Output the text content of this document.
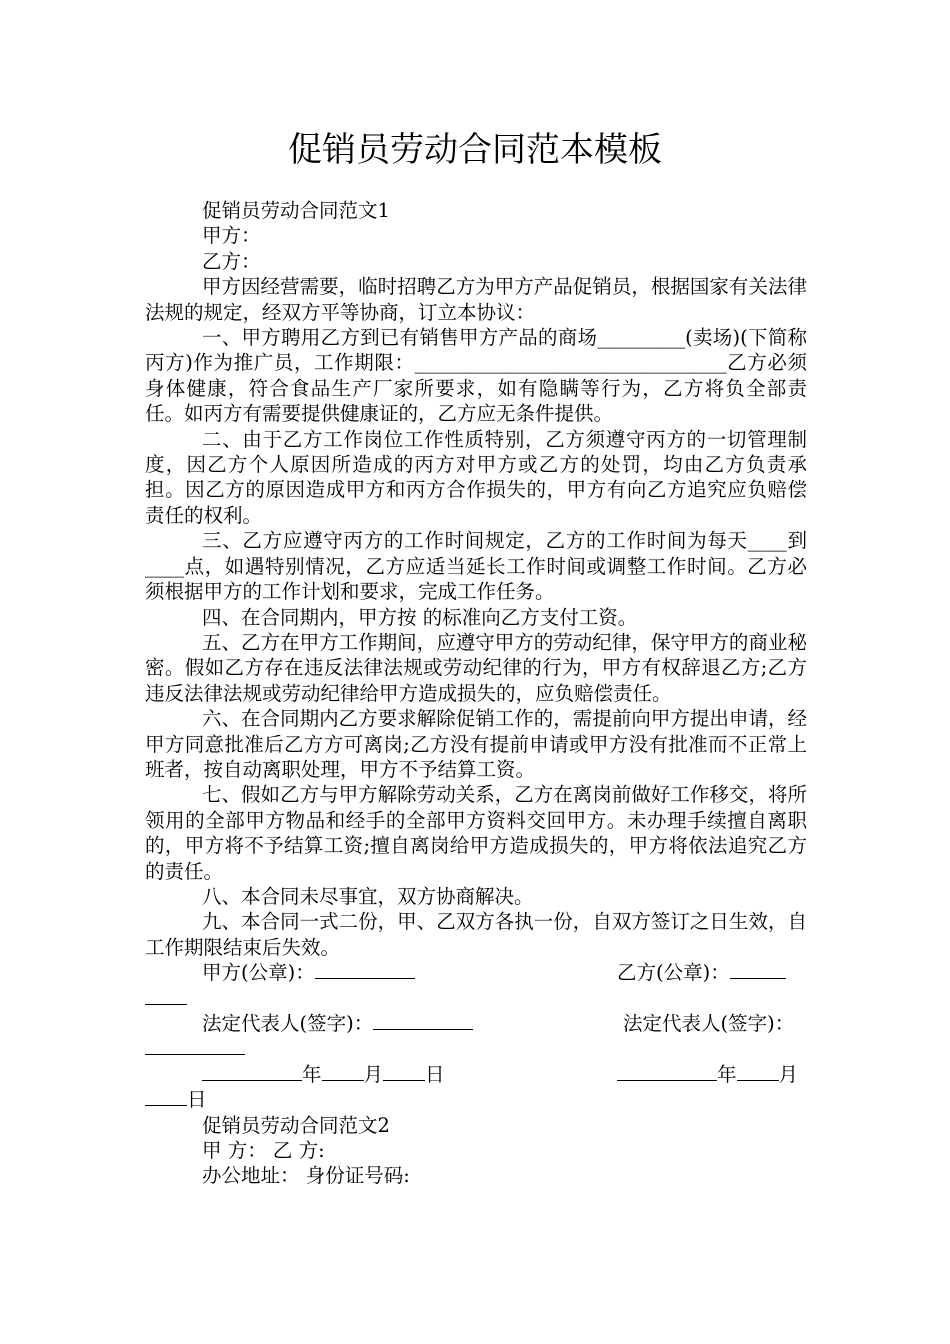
促销员劳动合同范本模板

促销员劳动合同范文1

甲方：

乙方：

甲方因经营需要，临时招聘乙方为甲方产品促销员，根据国家有关法律法规的规定，经双方平等协商，订立本协议：

一、甲方聘用乙方到已有销售甲方产品的商场_________(卖场)(下简称丙方)作为推广员，工作期限：________________________________乙方必须身体健康，符合食品生产厂家所要求，如有隐瞒等行为，乙方将负全部责任。如丙方有需要提供健康证的，乙方应无条件提供。

二、由于乙方工作岗位工作性质特别，乙方须遵守丙方的一切管理制度，因乙方个人原因所造成的丙方对甲方或乙方的处罚，均由乙方负责承担。因乙方的原因造成甲方和丙方合作损失的，甲方有向乙方追究应负赔偿责任的权利。

三、乙方应遵守丙方的工作时间规定，乙方的工作时间为每天____到____点，如遇特别情况，乙方应适当延长工作时间或调整工作时间。乙方必须根据甲方的工作计划和要求，完成工作任务。

四、在合同期内，甲方按 的标准向乙方支付工资。

五、乙方在甲方工作期间，应遵守甲方的劳动纪律，保守甲方的商业秘密。假如乙方存在违反法律法规或劳动纪律的行为，甲方有权辞退乙方;乙方违反法律法规或劳动纪律给甲方造成损失的，应负赔偿责任。

六、在合同期内乙方要求解除促销工作的，需提前向甲方提出申请，经甲方同意批准后乙方方可离岗;乙方没有提前申请或甲方没有批准而不正常上班者，按自动离职处理，甲方不予结算工资。

七、假如乙方与甲方解除劳动关系，乙方在离岗前做好工作移交，将所领用的全部甲方物品和经手的全部甲方资料交回甲方。未办理手续擅自离职的，甲方将不予结算工资;擅自离岗给甲方造成损失的，甲方将依法追究乙方的责任。

八、本合同未尽事宜，双方协商解决。

九、本合同一式二份，甲、乙双方各执一份，自双方签订之日生效，自工作期限结束后失效。

甲方(公章)：	乙方(公章)：
法定代表人(签字)：	法定代表人(签字)：
年 月 日	年 月
日

促销员劳动合同范文2

甲 方： 乙 方:

办公地址： 身份证号码:
